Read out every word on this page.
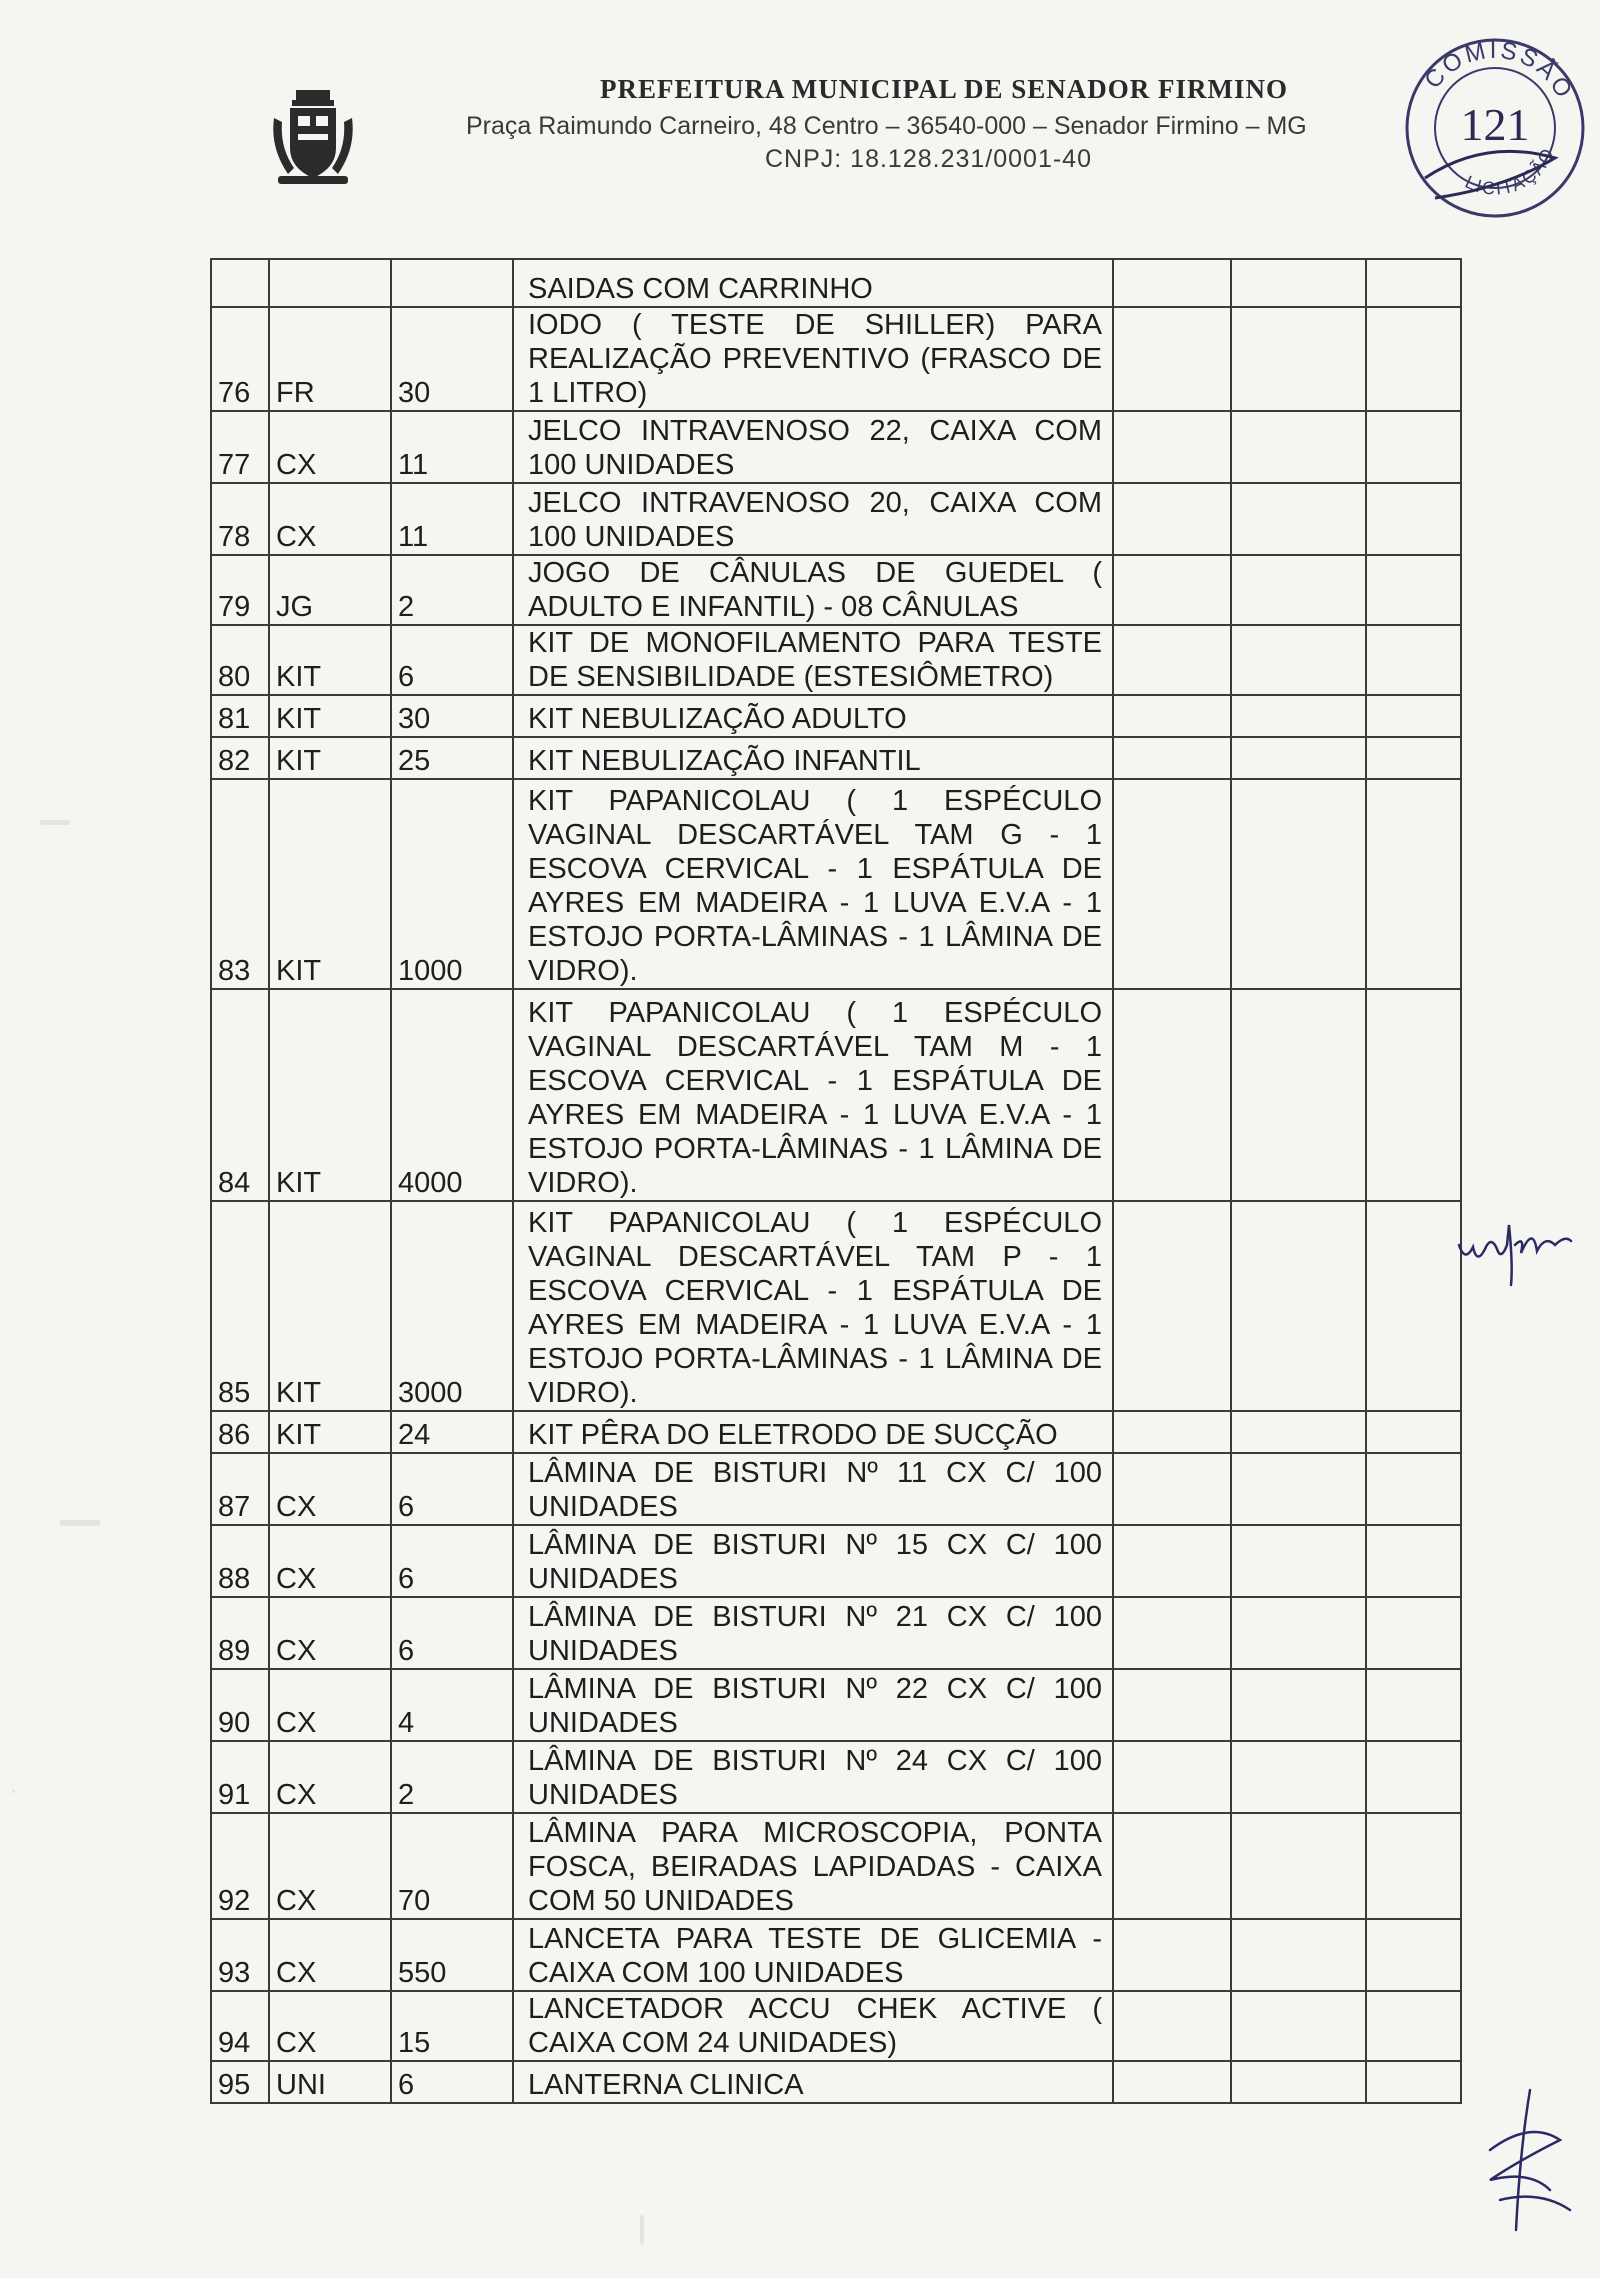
PREFEITURA MUNICIPAL DE SENADOR FIRMINO
Praça Raimundo Carneiro, 48 Centro – 36540-000 – Senador Firmino – MG
CNPJ: 18.128.231/0001-40
COMISSÃO
121
LICITAÇÃO
			SAIDAS COM CARRINHO			
76	FR	30	IODO ( TESTE DE SHILLER) PARA REALIZAÇÃO PREVENTIVO (FRASCO DE 1 LITRO)			
77	CX	11	JELCO INTRAVENOSO 22, CAIXA COM 100 UNIDADES			
78	CX	11	JELCO INTRAVENOSO 20, CAIXA COM 100 UNIDADES			
79	JG	2	JOGO DE CÂNULAS DE GUEDEL ( ADULTO E INFANTIL) - 08 CÂNULAS			
80	KIT	6	KIT DE MONOFILAMENTO PARA TESTE DE SENSIBILIDADE (ESTESIÔMETRO)			
81	KIT	30	KIT NEBULIZAÇÃO ADULTO			
82	KIT	25	KIT NEBULIZAÇÃO INFANTIL			
83	KIT	1000	KIT PAPANICOLAU ( 1 ESPÉCULO VAGINAL DESCARTÁVEL TAM G - 1 ESCOVA CERVICAL - 1 ESPÁTULA DE AYRES EM MADEIRA - 1 LUVA E.V.A - 1 ESTOJO PORTA-LÂMINAS - 1 LÂMINA DE VIDRO).			
84	KIT	4000	KIT PAPANICOLAU ( 1 ESPÉCULO VAGINAL DESCARTÁVEL TAM M - 1 ESCOVA CERVICAL - 1 ESPÁTULA DE AYRES EM MADEIRA - 1 LUVA E.V.A - 1 ESTOJO PORTA-LÂMINAS - 1 LÂMINA DE VIDRO).			
85	KIT	3000	KIT PAPANICOLAU ( 1 ESPÉCULO VAGINAL DESCARTÁVEL TAM P - 1 ESCOVA CERVICAL - 1 ESPÁTULA DE AYRES EM MADEIRA - 1 LUVA E.V.A - 1 ESTOJO PORTA-LÂMINAS - 1 LÂMINA DE VIDRO).			
86	KIT	24	KIT PÊRA DO ELETRODO DE SUCÇÃO			
87	CX	6	LÂMINA DE BISTURI Nº 11 CX C/ 100 UNIDADES			
88	CX	6	LÂMINA DE BISTURI Nº 15 CX C/ 100 UNIDADES			
89	CX	6	LÂMINA DE BISTURI Nº 21 CX C/ 100 UNIDADES			
90	CX	4	LÂMINA DE BISTURI Nº 22 CX C/ 100 UNIDADES			
91	CX	2	LÂMINA DE BISTURI Nº 24 CX C/ 100 UNIDADES			
92	CX	70	LÂMINA PARA MICROSCOPIA, PONTA FOSCA, BEIRADAS LAPIDADAS - CAIXA COM 50 UNIDADES			
93	CX	550	LANCETA PARA TESTE DE GLICEMIA - CAIXA COM 100 UNIDADES			
94	CX	15	LANCETADOR ACCU CHEK ACTIVE ( CAIXA COM 24 UNIDADES)			
95	UNI	6	LANTERNA CLINICA			
